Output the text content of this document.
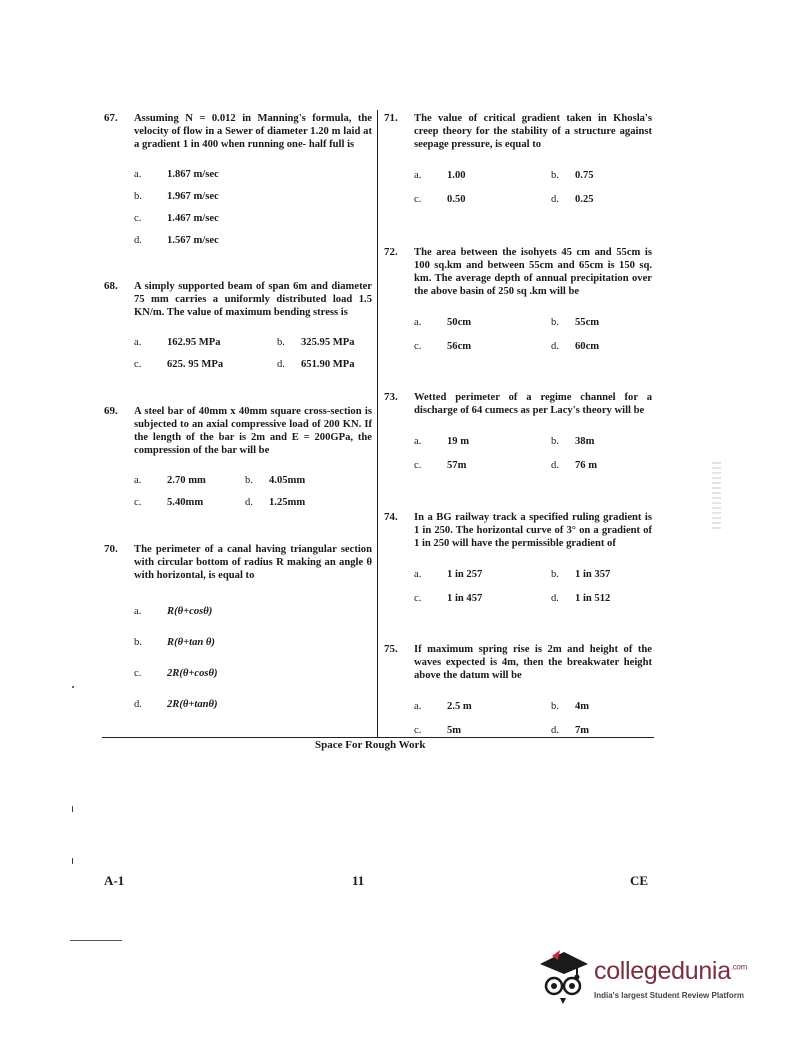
67. Assuming N = 0.012 in Manning's formula, the velocity of flow in a Sewer of diameter 1.20 m laid at a gradient 1 in 400 when running one- half full is
a.	1.867 m/sec
b.	1.967 m/sec
c.	1.467 m/sec
d.	1.567 m/sec
68. A simply supported beam of span 6m and diameter 75 mm carries a uniformly distributed load 1.5 KN/m. The value of maximum bending stress is
a.	162.95 MPa	b.	325.95 MPa
c.	625. 95 MPa	d.	651.90 MPa
69. A steel bar of 40mm x 40mm square cross-section is subjected to an axial compressive load of 200 KN. If the length of the bar is 2m and E = 200GPa, the compression of the bar will be
a.	2.70 mm	b.	4.05mm
c.	5.40mm	d.	1.25mm
70. The perimeter of a canal having triangular section with circular bottom of radius R making an angle θ with horizontal, is equal to
a.	R(θ+cosθ)
b.	R(θ+tan θ)
c.	2R(θ+cosθ)
d.	2R(θ+tanθ)
71. The value of critical gradient taken in Khosla's creep theory for the stability of a structure against seepage pressure, is equal to
a.	1.00	b.	0.75
c.	0.50	d.	0.25
72. The area between the isohyets 45 cm and 55cm is 100 sq.km and between 55cm and 65cm is 150 sq. km. The average depth of annual precipitation over the above basin of 250 sq .km will be
a.	50cm	b.	55cm
c.	56cm	d.	60cm
73. Wetted perimeter of a regime channel for a discharge of 64 cumecs as per Lacy's theory will be
a.	19 m	b.	38m
c.	57m	d.	76 m
74. In a BG railway track a specified ruling gradient is 1 in 250. The horizontal curve of 3° on a gradient of 1 in 250 will have the permissible gradient of
a.	1 in 257	b.	1 in 357
c.	1 in 457	d.	1 in 512
75. If maximum spring rise is 2m and height of the waves expected is 4m, then the breakwater height above the datum will be
a.	2.5 m	b.	4m
c.	5m	d.	7m
Space For Rough Work
A-1	11	CE
collegedunia$^{.com}$
India's largest Student Review Platform
